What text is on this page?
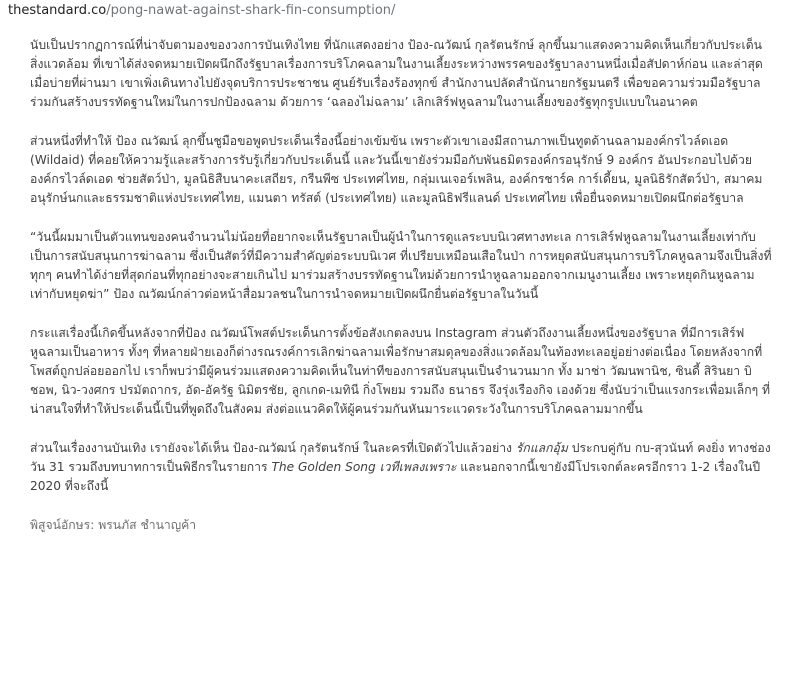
thestandard.co/pong-nawat-against-shark-fin-consumption/

นับเป็นปรากฏการณ์ที่น่าจับตามองของวงการบันเทิงไทย ที่นักแสดงอย่าง ป้อง-ณวัฒน์ กุลรัตนรักษ์ ลุกขึ้นมาแสดงความคิดเห็นเกี่ยวกับประเด็นสิ่งแวดล้อม ที่เขาได้ส่งจดหมายเปิดผนึกถึงรัฐบาลเรื่องการบริโภคฉลามในงานเลี้ยงระหว่างพรรคของรัฐบาลงานหนึ่งเมื่อสัปดาห์ก่อน และล่าสุดเมื่อบ่ายที่ผ่านมา เขาเพิ่งเดินทางไปยังจุดบริการประชาชน ศูนย์รับเรื่องร้องทุกข์ สำนักงานปลัดสำนักนายกรัฐมนตรี เพื่อขอความร่วมมือรัฐบาลร่วมกันสร้างบรรทัดฐานใหม่ในการปกป้องฉลาม ด้วยการ ‘ฉลองไม่ฉลาม’ เลิกเสิร์ฟหูฉลามในงานเลี้ยงของรัฐทุกรูปแบบในอนาคต

ส่วนหนึ่งที่ทำให้ ป้อง ณวัฒน์ ลุกขึ้นชูมือขอพูดประเด็นเรื่องนี้อย่างเข้มข้น เพราะตัวเขาเองมีสถานภาพเป็นทูตด้านฉลามองค์กรไวล์ดเอด (Wildaid) ที่คอยให้ความรู้และสร้างการรับรู้เกี่ยวกับประเด็นนี้ และวันนี้เขายังร่วมมือกับพันธมิตรองค์กรอนุรักษ์ 9 องค์กร อันประกอบไปด้วย องค์กรไวล์ดเอด ช่วยสัตว์ป่า, มูลนิธิสืบนาคะเสถียร, กรีนพีซ ประเทศไทย, กลุ่มเนเจอร์เพลิน, องค์กรชาร์ค การ์เดี้ยน, มูลนิธิรักสัตว์ป่า, สมาคมอนุรักษ์นกและธรรมชาติแห่งประเทศไทย, แมนตา ทรัสต์ (ประเทศไทย) และมูลนิธิฟรีแลนด์ ประเทศไทย เพื่อยื่นจดหมายเปิดผนึกต่อรัฐบาล

“วันนี้ผมมาเป็นตัวแทนของคนจำนวนไม่น้อยที่อยากจะเห็นรัฐบาลเป็นผู้นำในการดูแลระบบนิเวศทางทะเล การเสิร์ฟหูฉลามในงานเลี้ยงเท่ากับเป็นการสนับสนุนการฆ่าฉลาม ซึ่งเป็นสัตว์ที่มีความสำคัญต่อระบบนิเวศ ที่เปรียบเหมือนเสือในป่า การหยุดสนับสนุนการบริโภคหูฉลามจึงเป็นสิ่งที่ทุกๆ คนทำได้ง่ายที่สุดก่อนที่ทุกอย่างจะสายเกินไป มาร่วมสร้างบรรทัดฐานใหม่ด้วยการนำหูฉลามออกจากเมนูงานเลี้ยง เพราะหยุดกินหูฉลาม เท่ากับหยุดฆ่า” ป้อง ณวัฒน์กล่าวต่อหน้าสื่อมวลชนในการนำจดหมายเปิดผนึกยื่นต่อรัฐบาลในวันนี้

กระแสเรื่องนี้เกิดขึ้นหลังจากที่ป้อง ณวัฒน์โพสต์ประเด็นการตั้งข้อสังเกตลงบน Instagram ส่วนตัวถึงงานเลี้ยงหนึ่งของรัฐบาล ที่มีการเสิร์ฟหูฉลามเป็นอาหาร ทั้งๆ ที่หลายฝ่ายเองก็ต่างรณรงค์การเลิกฆ่าฉลามเพื่อรักษาสมดุลของสิ่งแวดล้อมในท้องทะเลอยู่อย่างต่อเนื่อง โดยหลังจากที่โพสต์ถูกปล่อยออกไป เราก็พบว่ามีผู้คนร่วมแสดงความคิดเห็นในท่าทีของการสนับสนุนเป็นจำนวนมาก ทั้ง มาช่า วัฒนพานิช, ซินดี้ สิรินยา บิชอพ, นิว-วงศกร ปรมัตถากร, อัด-อัครัฐ นิมิตรชัย, ลูกเกด-เมทินี กิ่งโพยม รวมถึง ธนาธร จึงรุ่งเรืองกิจ เองด้วย ซึ่งนับว่าเป็นแรงกระเพื่อมเล็กๆ ที่น่าสนใจที่ทำให้ประเด็นนี้เป็นที่พูดถึงในสังคม ส่งต่อแนวคิดให้ผู้คนร่วมกันหันมาระแวดระวังในการบริโภคฉลามมากขึ้น

ส่วนในเรื่องงานบันเทิง เรายังจะได้เห็น ป้อง-ณวัฒน์ กุลรัตนรักษ์ ในละครที่เปิดตัวไปแล้วอย่าง รักแลกอุ้ม ประกบคู่กับ กบ-สุวนันท์ คงยิ่ง ทางช่องวัน 31 รวมถึงบทบาทการเป็นพิธีกรในรายการ The Golden Song เวทีเพลงเพราะ และนอกจากนี้เขายังมีโปรเจกต์ละครอีกราว 1-2 เรื่องในปี 2020 ที่จะถึงนี้

พิสูจน์อักษร: พรนภัส ชำนาญค้า
